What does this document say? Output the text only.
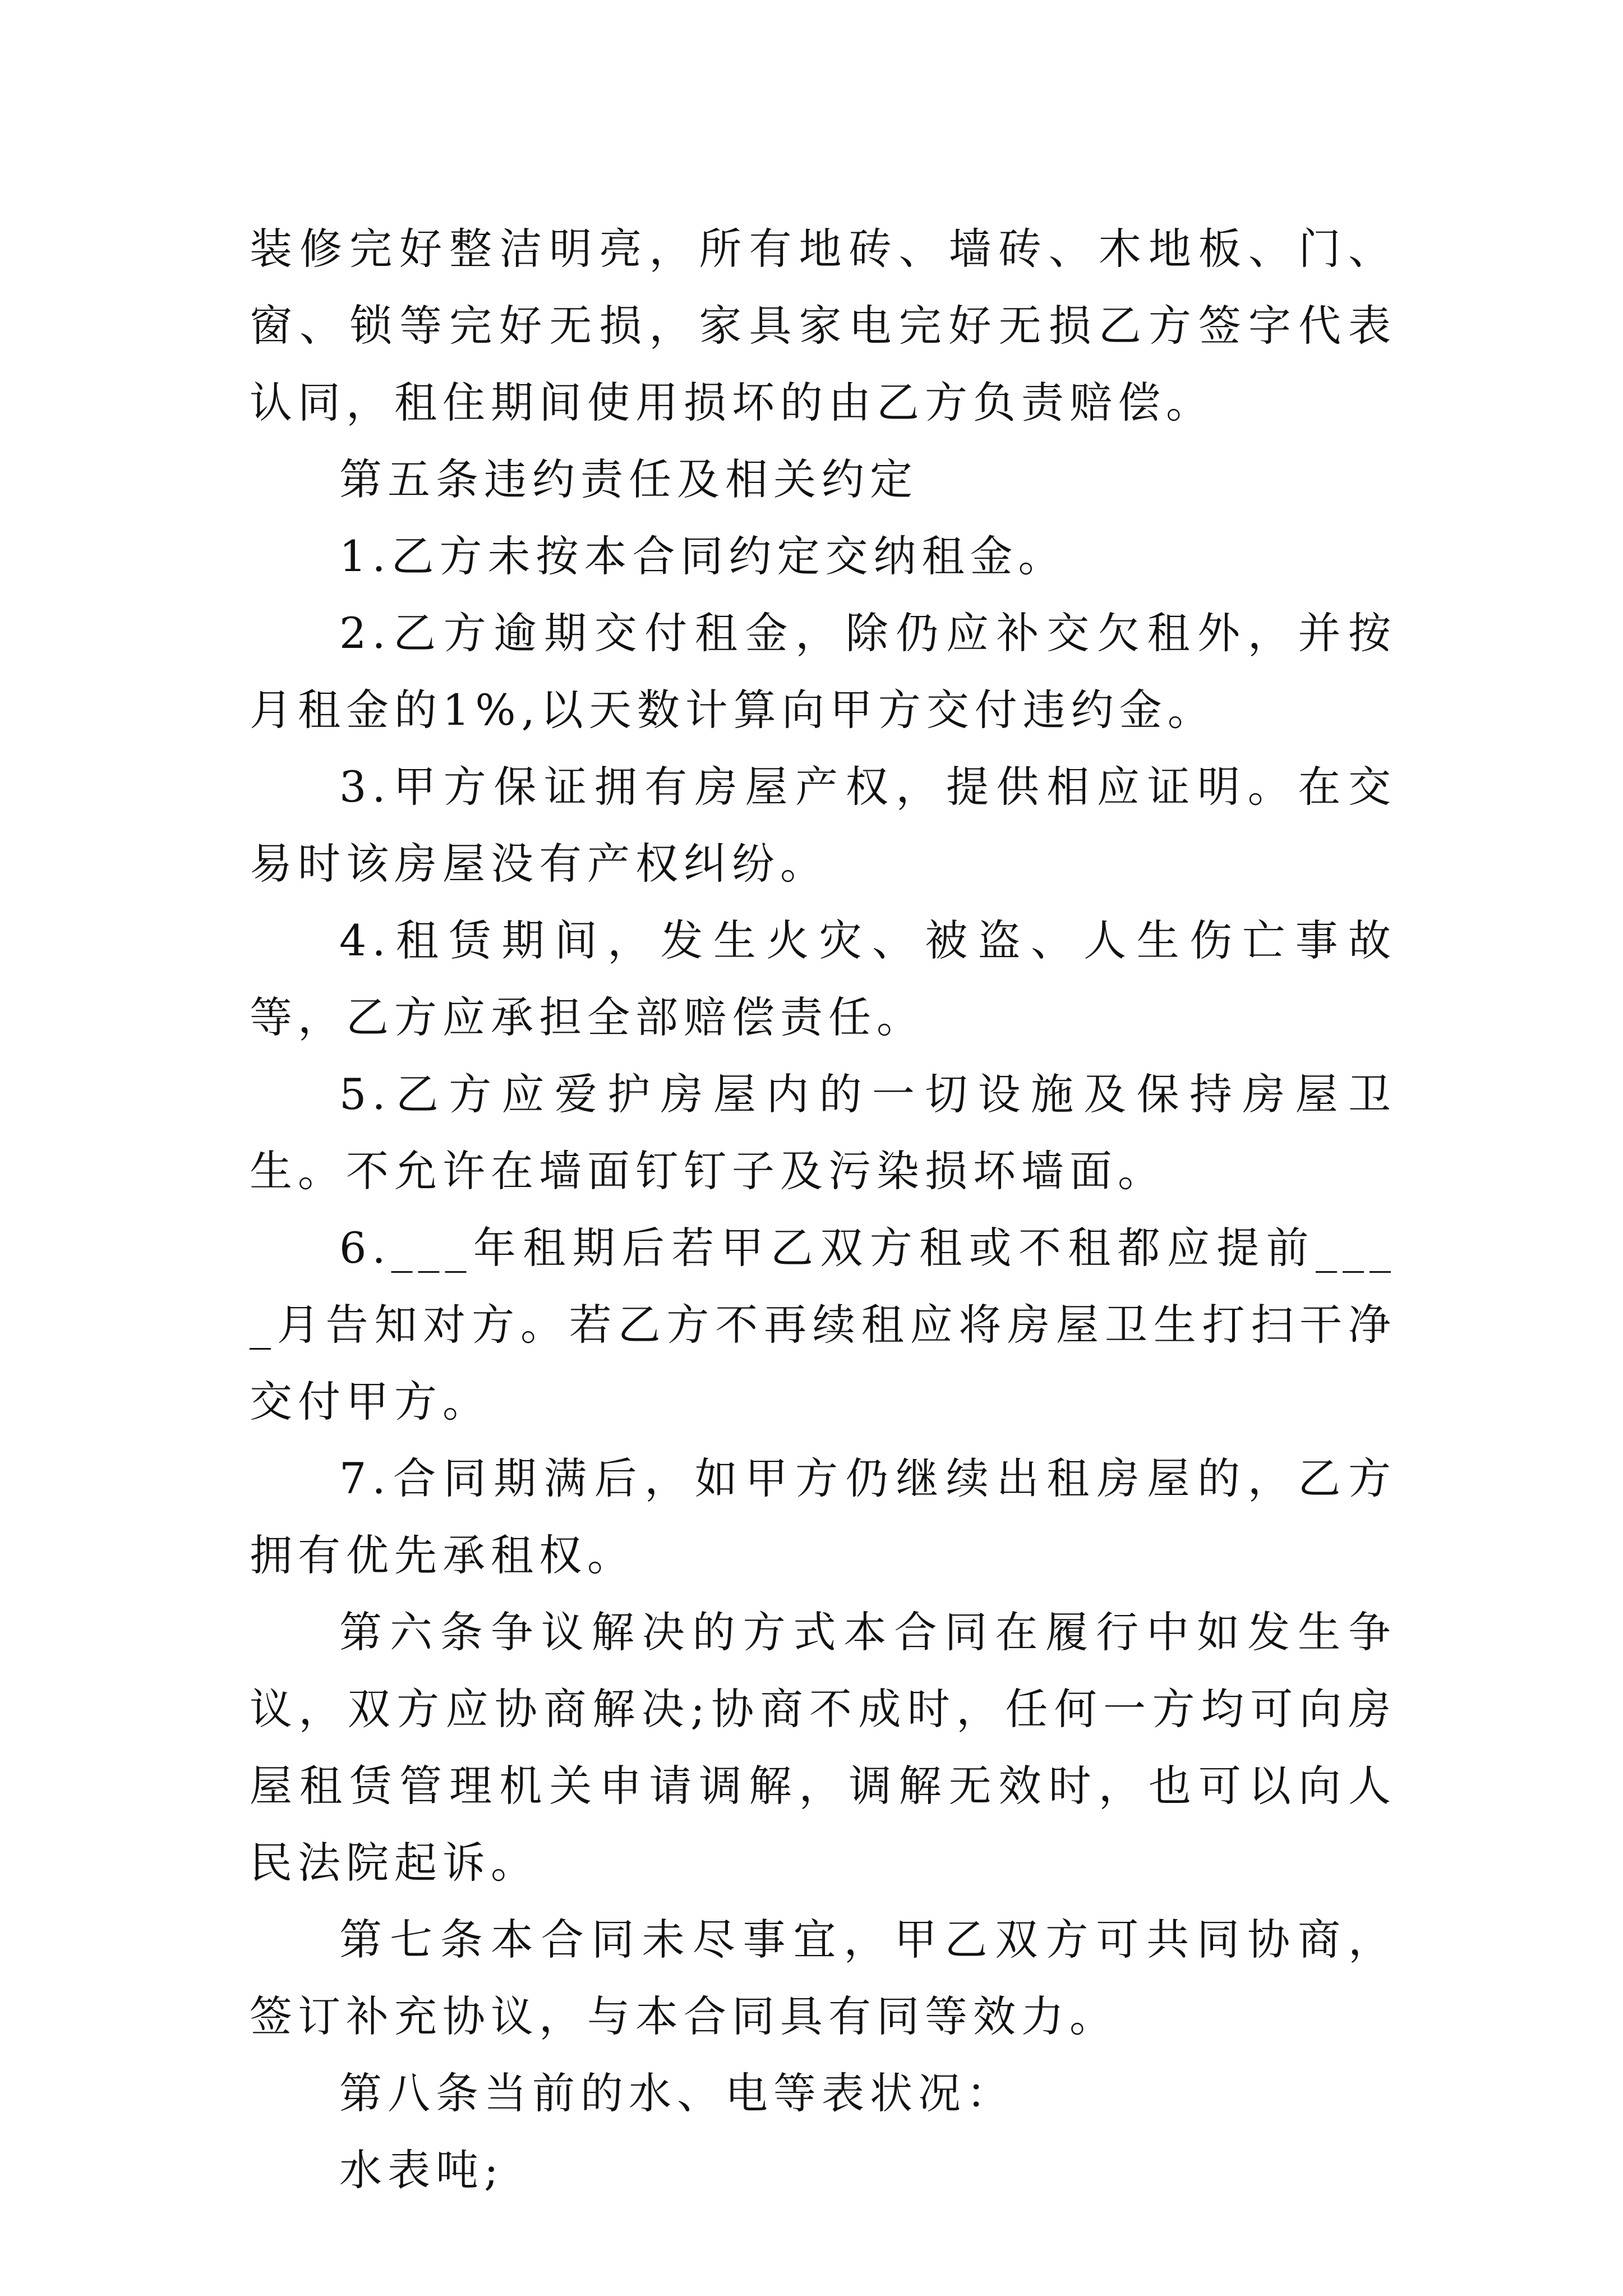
装修完好整洁明亮，所有地砖、墙砖、木地板、门、窗、锁等完好无损，家具家电完好无损乙方签字代表认同，租住期间使用损坏的由乙方负责赔偿。

第五条违约责任及相关约定

1.乙方未按本合同约定交纳租金。

2.乙方逾期交付租金，除仍应补交欠租外，并按月租金的1%,以天数计算向甲方交付违约金。

3.甲方保证拥有房屋产权，提供相应证明。在交易时该房屋没有产权纠纷。

4.租赁期间，发生火灾、被盗、人生伤亡事故等，乙方应承担全部赔偿责任。

5.乙方应爱护房屋内的一切设施及保持房屋卫生。不允许在墙面钉钉子及污染损坏墙面。

6.___年租期后若甲乙双方租或不租都应提前____月告知对方。若乙方不再续租应将房屋卫生打扫干净交付甲方。

7.合同期满后，如甲方仍继续出租房屋的，乙方拥有优先承租权。

第六条争议解决的方式本合同在履行中如发生争议，双方应协商解决;协商不成时，任何一方均可向房屋租赁管理机关申请调解，调解无效时，也可以向人民法院起诉。

第七条本合同未尽事宜，甲乙双方可共同协商，签订补充协议，与本合同具有同等效力。

第八条当前的水、电等表状况：

水表吨;
